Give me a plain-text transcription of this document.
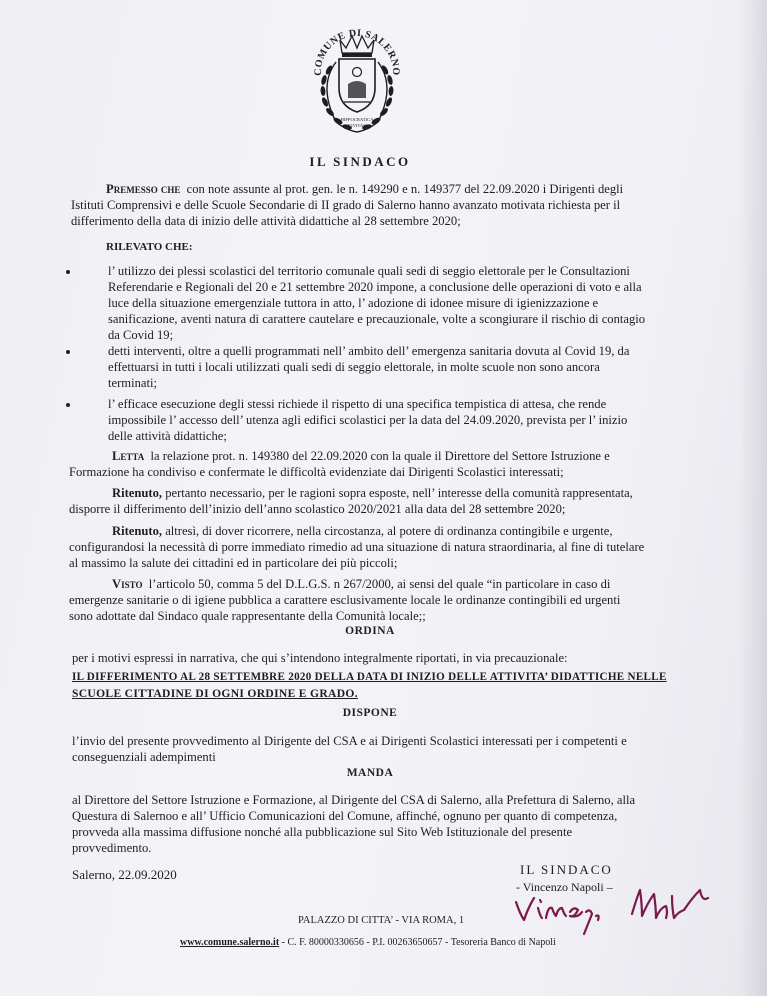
COMUNE DI SALERNO
HIPPOCRATICA
CIVITAS
IL SINDACO
Premesso che con note assunte al prot. gen. le n. 149290 e n. 149377 del 22.09.2020 i Dirigenti degli
Istituti Comprensivi e delle Scuole Secondarie di II grado di Salerno hanno avanzato motivata richiesta per il
differimento della data di inizio delle attività didattiche al 28 settembre 2020;
RILEVATO CHE:
l’ utilizzo dei plessi scolastici del territorio comunale quali sedi di seggio elettorale per le Consultazioni
Referendarie e Regionali del 20 e 21 settembre 2020 impone, a conclusione delle operazioni di voto e alla
luce della situazione emergenziale tuttora in atto, l’ adozione di idonee misure di igienizzazione e
sanificazione, aventi natura di carattere cautelare e precauzionale, volte a scongiurare il rischio di contagio
da Covid 19;
detti interventi, oltre a quelli programmati nell’ ambito dell’ emergenza sanitaria dovuta al Covid 19, da
effettuarsi in tutti i locali utilizzati quali sedi di seggio elettorale, in molte scuole non sono ancora
terminati;
l’ efficace esecuzione degli stessi richiede il rispetto di una specifica tempistica di attesa, che rende
impossibile l’ accesso dell’ utenza agli edifici scolastici per la data del 24.09.2020, prevista per l’ inizio
delle attività didattiche;
Letta la relazione prot. n. 149380 del 22.09.2020 con la quale il Direttore del Settore Istruzione e
Formazione ha condiviso e confermate le difficoltà evidenziate dai Dirigenti Scolastici interessati;
Ritenuto, pertanto necessario, per le ragioni sopra esposte, nell’ interesse della comunità rappresentata,
disporre il differimento dell’inizio dell’anno scolastico 2020/2021 alla data del 28 settembre 2020;
Ritenuto, altresì, di dover ricorrere, nella circostanza, al potere di ordinanza contingibile e urgente,
configurandosi la necessità di porre immediato rimedio ad una situazione di natura straordinaria, al fine di tutelare
al massimo la salute dei cittadini ed in particolare dei più piccoli;
Visto l’articolo 50, comma 5 del D.L.G.S. n 267/2000, ai sensi del quale “in particolare in caso di
emergenze sanitarie o di igiene pubblica a carattere esclusivamente locale le ordinanze contingibili ed urgenti
sono adottate dal Sindaco quale rappresentante della Comunità locale;;
ORDINA
per i motivi espressi in narrativa, che qui s’intendono integralmente riportati, in via precauzionale:
IL DIFFERIMENTO AL 28 SETTEMBRE 2020 DELLA DATA DI INIZIO DELLE ATTIVITA’ DIDATTICHE NELLE
SCUOLE CITTADINE DI OGNI ORDINE E GRADO.
DISPONE
l’invio del presente provvedimento al Dirigente del CSA e ai Dirigenti Scolastici interessati per i competenti e
conseguenziali adempimenti
MANDA
al Direttore del Settore Istruzione e Formazione, al Dirigente del CSA di Salerno, alla Prefettura di Salerno, alla
Questura di Salernoo e all’ Ufficio Comunicazioni del Comune, affinché, ognuno per quanto di competenza,
provveda alla massima diffusione nonché alla pubblicazione sul Sito Web Istituzionale del presente
provvedimento.
Salerno, 22.09.2020	IL SINDACO
- Vincenzo Napoli –
PALAZZO DI CITTA’ - VIA ROMA, 1
www.comune.salerno.it - C. F. 80000330656 - P.I. 00263650657 - Tesoreria Banco di Napoli
